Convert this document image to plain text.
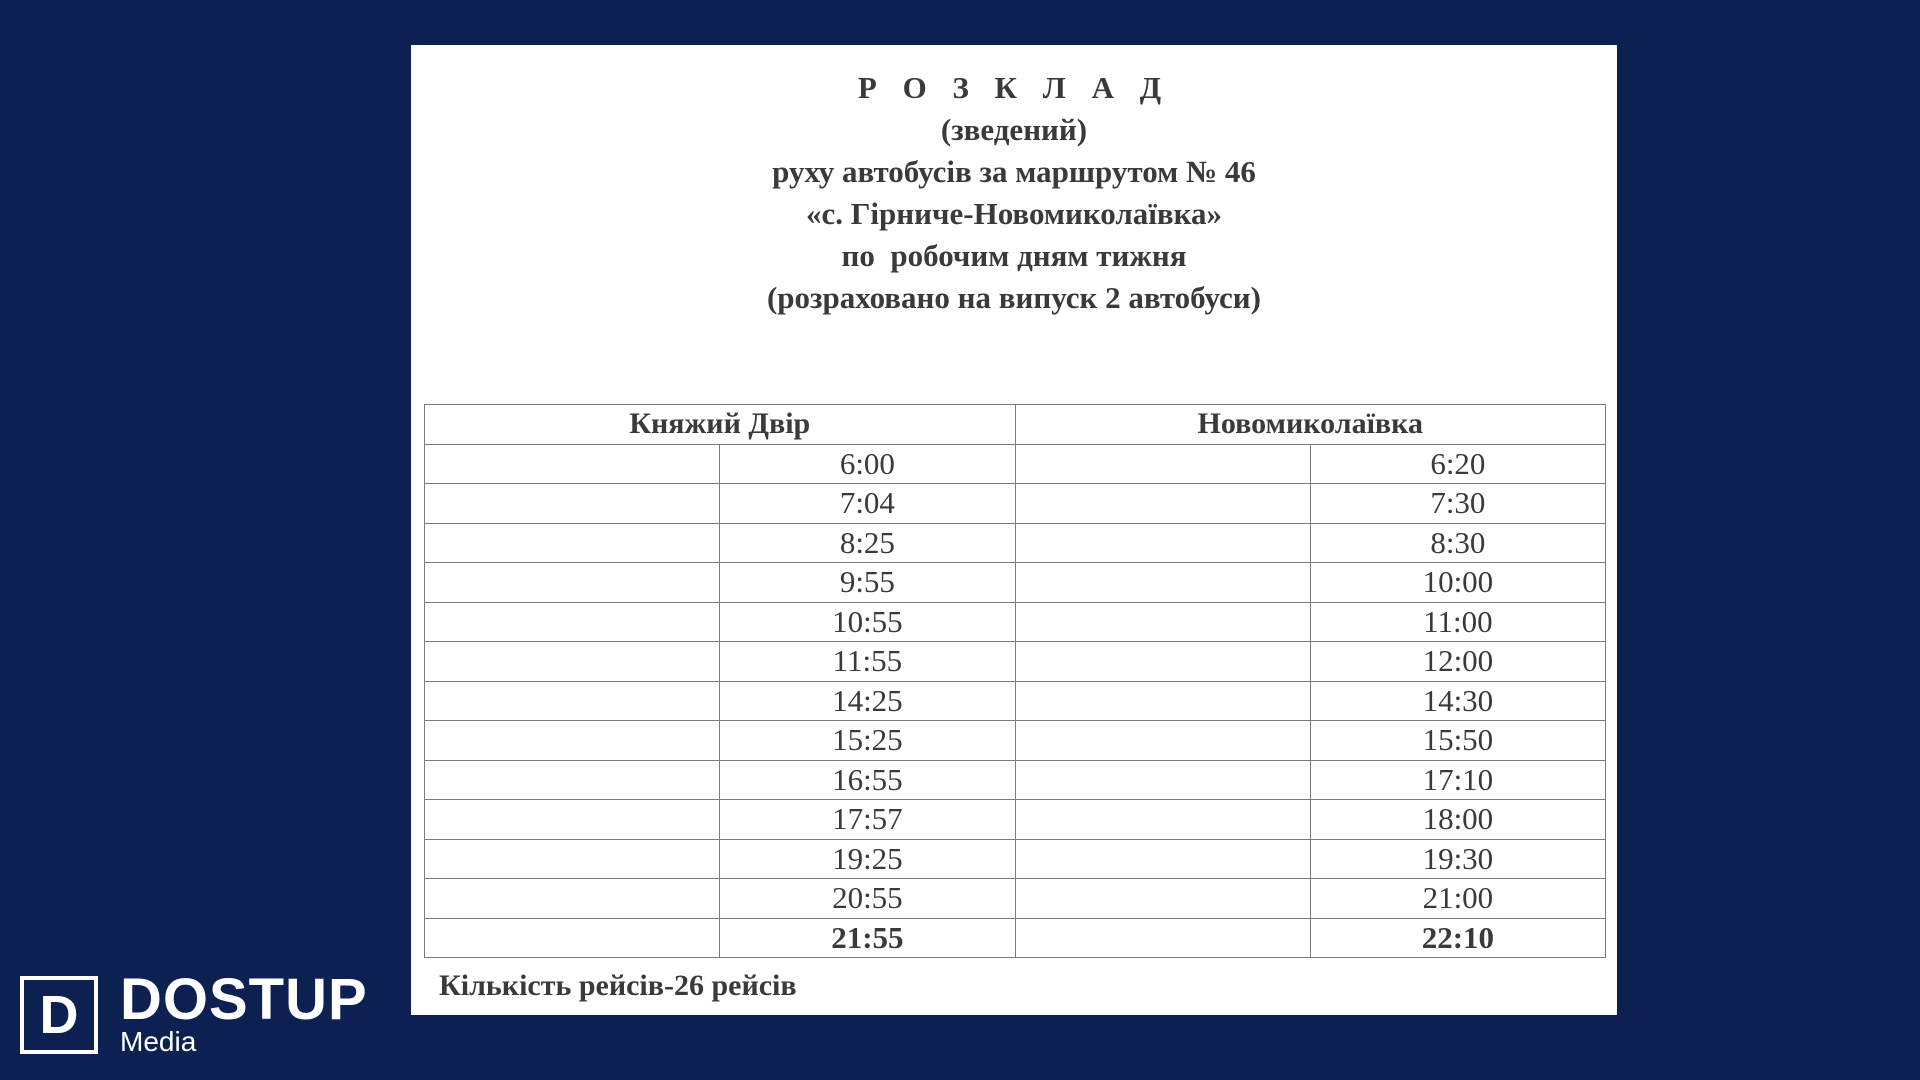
Р О З К Л А Д
(зведений)
руху автобусів за маршрутом № 46
«с. Гірниче-Новомиколаївка»
по  робочим дням тижня
(розраховано на випуск 2 автобуси)
Княжий Двір		Новомиколаївка	
	6:00		6:20
	7:04		7:30
	8:25		8:30
	9:55		10:00
	10:55		11:00
	11:55		12:00
	14:25		14:30
	15:25		15:50
	16:55		17:10
	17:57		18:00
	19:25		19:30
	20:55		21:00
	21:55		22:10
Кількість рейсів-26 рейсів
D DOSTUP
Media
